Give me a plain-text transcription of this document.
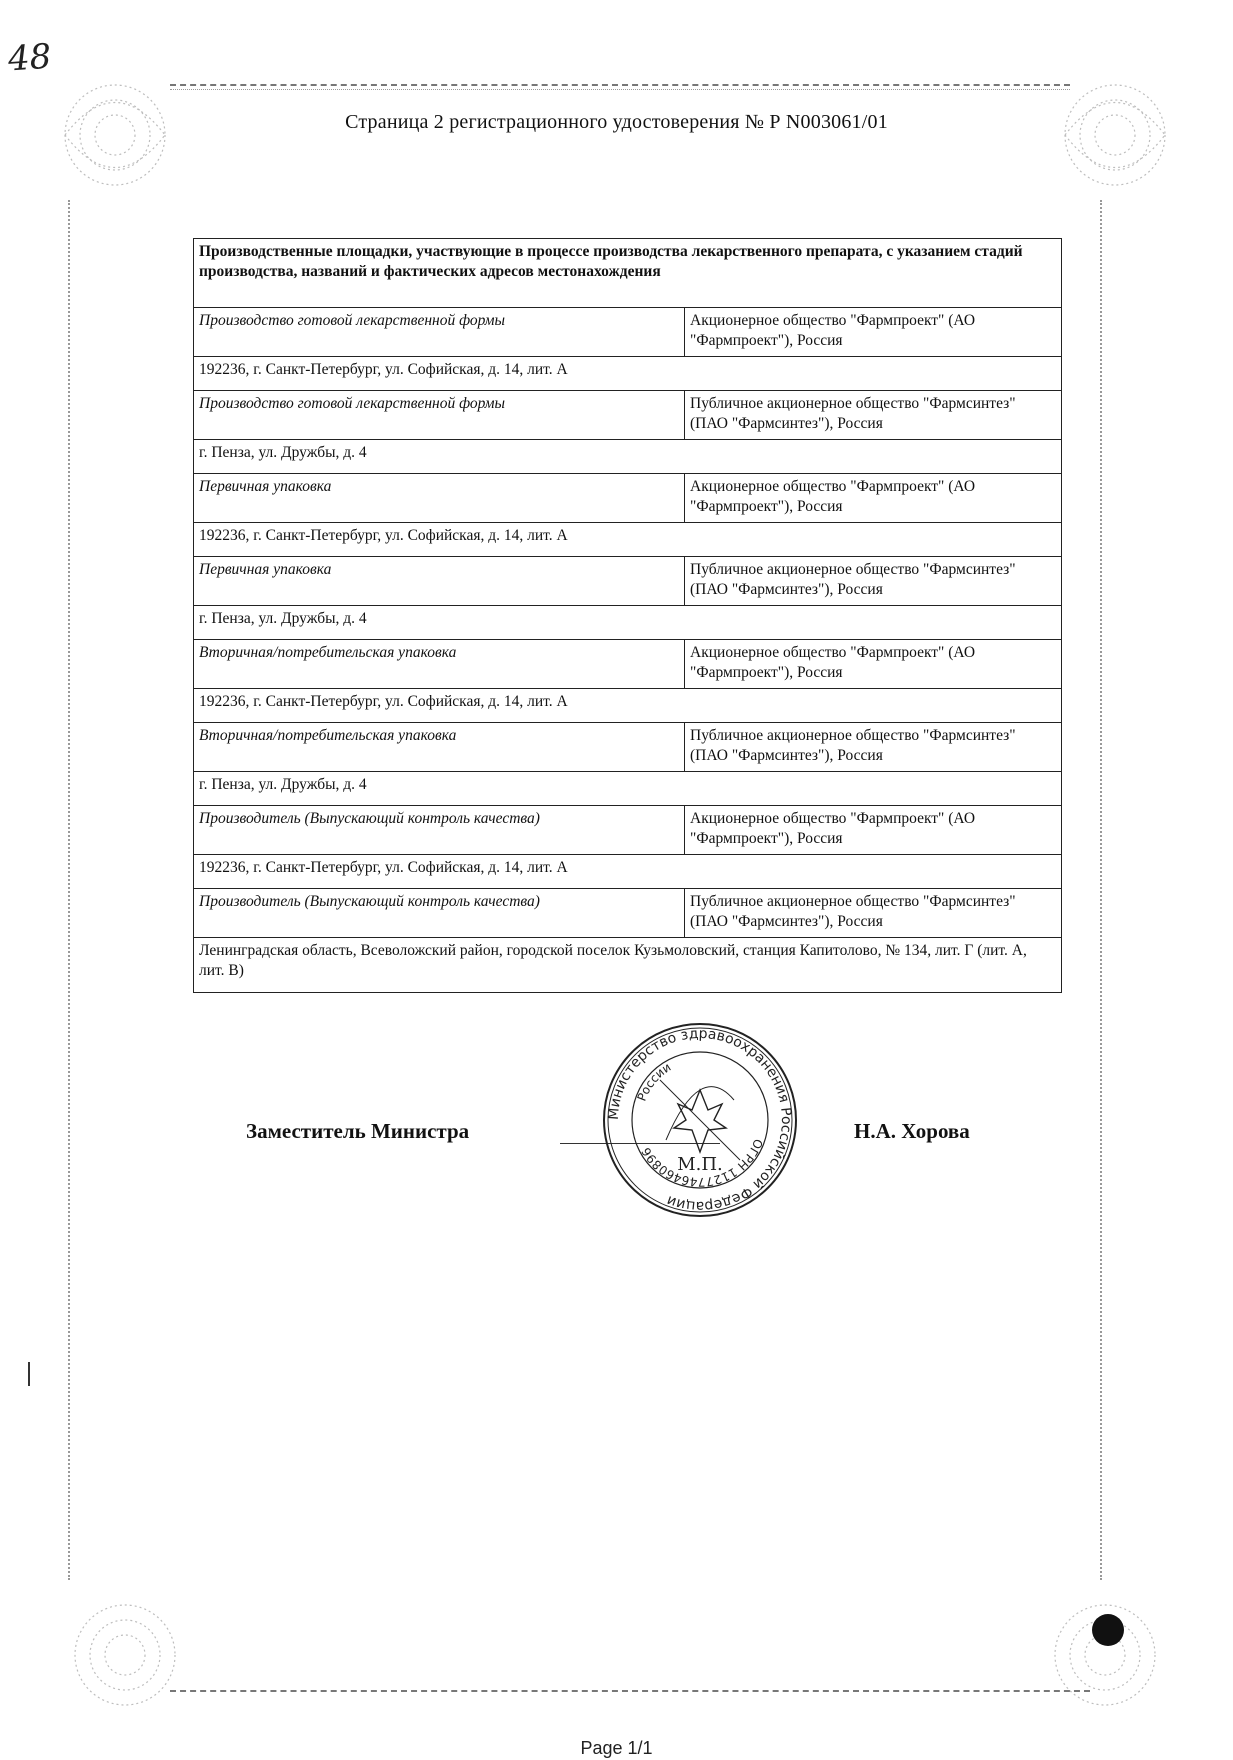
48
Страница 2 регистрационного удостоверения № Р N003061/01
Производственные площадки, участвующие в процессе производства лекарственного препарата, с указанием стадий производства, названий и фактических адресов местонахождения	
Производство готовой лекарственной формы	Акционерное общество "Фармпроект" (АО "Фармпроект"), Россия
192236, г. Санкт-Петербург, ул. Софийская, д. 14, лит. А	
Производство готовой лекарственной формы	Публичное акционерное общество "Фармсинтез" (ПАО "Фармсинтез"), Россия
г. Пенза, ул. Дружбы, д. 4	
Первичная упаковка	Акционерное общество "Фармпроект" (АО "Фармпроект"), Россия
192236, г. Санкт-Петербург, ул. Софийская, д. 14, лит. А	
Первичная упаковка	Публичное акционерное общество "Фармсинтез" (ПАО "Фармсинтез"), Россия
г. Пенза, ул. Дружбы, д. 4	
Вторичная/потребительская упаковка	Акционерное общество "Фармпроект" (АО "Фармпроект"), Россия
192236, г. Санкт-Петербург, ул. Софийская, д. 14, лит. А	
Вторичная/потребительская упаковка	Публичное акционерное общество "Фармсинтез" (ПАО "Фармсинтез"), Россия
г. Пенза, ул. Дружбы, д. 4	
Производитель (Выпускающий контроль качества)	Акционерное общество "Фармпроект" (АО "Фармпроект"), Россия
192236, г. Санкт-Петербург, ул. Софийская, д. 14, лит. А	
Производитель (Выпускающий контроль качества)	Публичное акционерное общество "Фармсинтез" (ПАО "Фармсинтез"), Россия
Ленинградская область, Всеволожский район, городской поселок Кузьмоловский, станция Капитолово, № 134, лит. Г (лит. А, лит. В)	
Заместитель Министра	Н.А. Хорова
Министерство здравоохранения Российской Федерации
ОГРН 1127746460896
России
М.П.
Page 1/1
